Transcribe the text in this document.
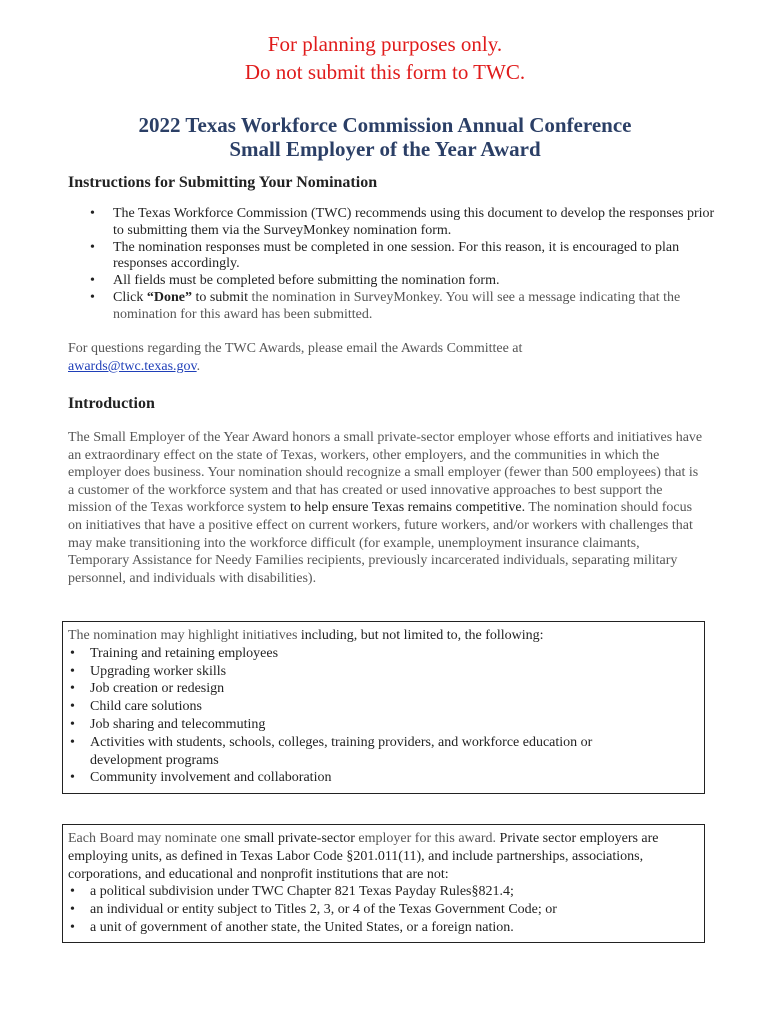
For planning purposes only.
Do not submit this form to TWC.
2022 Texas Workforce Commission Annual Conference
Small Employer of the Year Award
Instructions for Submitting Your Nomination
• The Texas Workforce Commission (TWC) recommends using this document to develop the responses prior to submitting them via the SurveyMonkey nomination form.
• The nomination responses must be completed in one session. For this reason, it is encouraged to plan responses accordingly.
• All fields must be completed before submitting the nomination form.
• Click “Done” to submit the nomination in SurveyMonkey. You will see a message indicating that the nomination for this award has been submitted.
For questions regarding the TWC Awards, please email the Awards Committee at
awards@twc.texas.gov.
Introduction
The Small Employer of the Year Award honors a small private-sector employer whose efforts and initiatives have an extraordinary effect on the state of Texas, workers, other employers, and the communities in which the employer does business. Your nomination should recognize a small employer (fewer than 500 employees) that is a customer of the workforce system and that has created or used innovative approaches to best support the mission of the Texas workforce system to help ensure Texas remains competitive. The nomination should focus on initiatives that have a positive effect on current workers, future workers, and/or workers with challenges that may make transitioning into the workforce difficult (for example, unemployment insurance claimants, Temporary Assistance for Needy Families recipients, previously incarcerated individuals, separating military personnel, and individuals with disabilities).
The nomination may highlight initiatives including, but not limited to, the following:
• Training and retaining employees
• Upgrading worker skills
• Job creation or redesign
• Child care solutions
• Job sharing and telecommuting
• Activities with students, schools, colleges, training providers, and workforce education or development programs
• Community involvement and collaboration
Each Board may nominate one small private-sector employer for this award. Private sector employers are employing units, as defined in Texas Labor Code §201.011(11), and include partnerships, associations, corporations, and educational and nonprofit institutions that are not:
• a political subdivision under TWC Chapter 821 Texas Payday Rules§821.4;
• an individual or entity subject to Titles 2, 3, or 4 of the Texas Government Code; or
• a unit of government of another state, the United States, or a foreign nation.
